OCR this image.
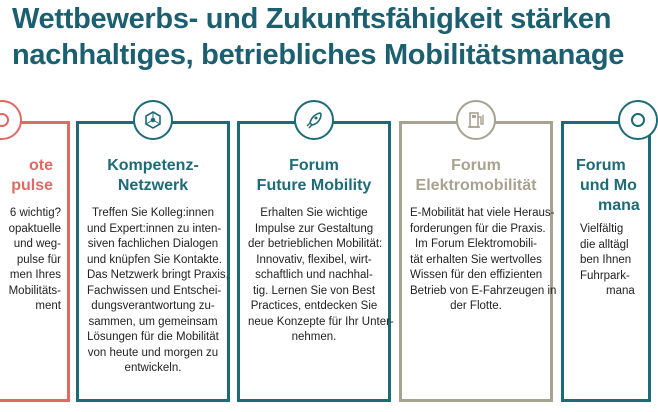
Wettbewerbs- und Zukunftsfähigkeit stärken
nachhaltiges, betriebliches Mobilitätsmanage
ote
pulse
6 wichtig?
opaktuelle
und weg-
pulse für
men Ihres
Mobilitäts-
ment
Kompetenz-
Netzwerk
Treffen Sie Kolleg:innen
und Expert:innen zu inten-
siven fachlichen Dialogen
und knüpfen Sie Kontakte.
Das Netzwerk bringt Praxis,
Fachwissen und Entschei-
dungsverantwortung zu-
sammen, um gemeinsam
Lösungen für die Mobilität
von heute und morgen zu
entwickeln.
Forum
Future Mobility
Erhalten Sie wichtige
Impulse zur Gestaltung
der betrieblichen Mobilität:
Innovativ, flexibel, wirt-
schaftlich und nachhal-
tig. Lernen Sie von Best
Practices, entdecken Sie
neue Konzepte für Ihr Unter-
nehmen.
Forum
Elektromobilität
E-Mobilität hat viele Heraus-
forderungen für die Praxis.
Im Forum Elektromobili-
tät erhalten Sie wertvolles
Wissen für den effizienten
Betrieb von E-Fahrzeugen in
der Flotte.
Forum
und Mo
mana
Vielfältig
die alltägl
ben Ihnen
Fuhrpark-
mana
